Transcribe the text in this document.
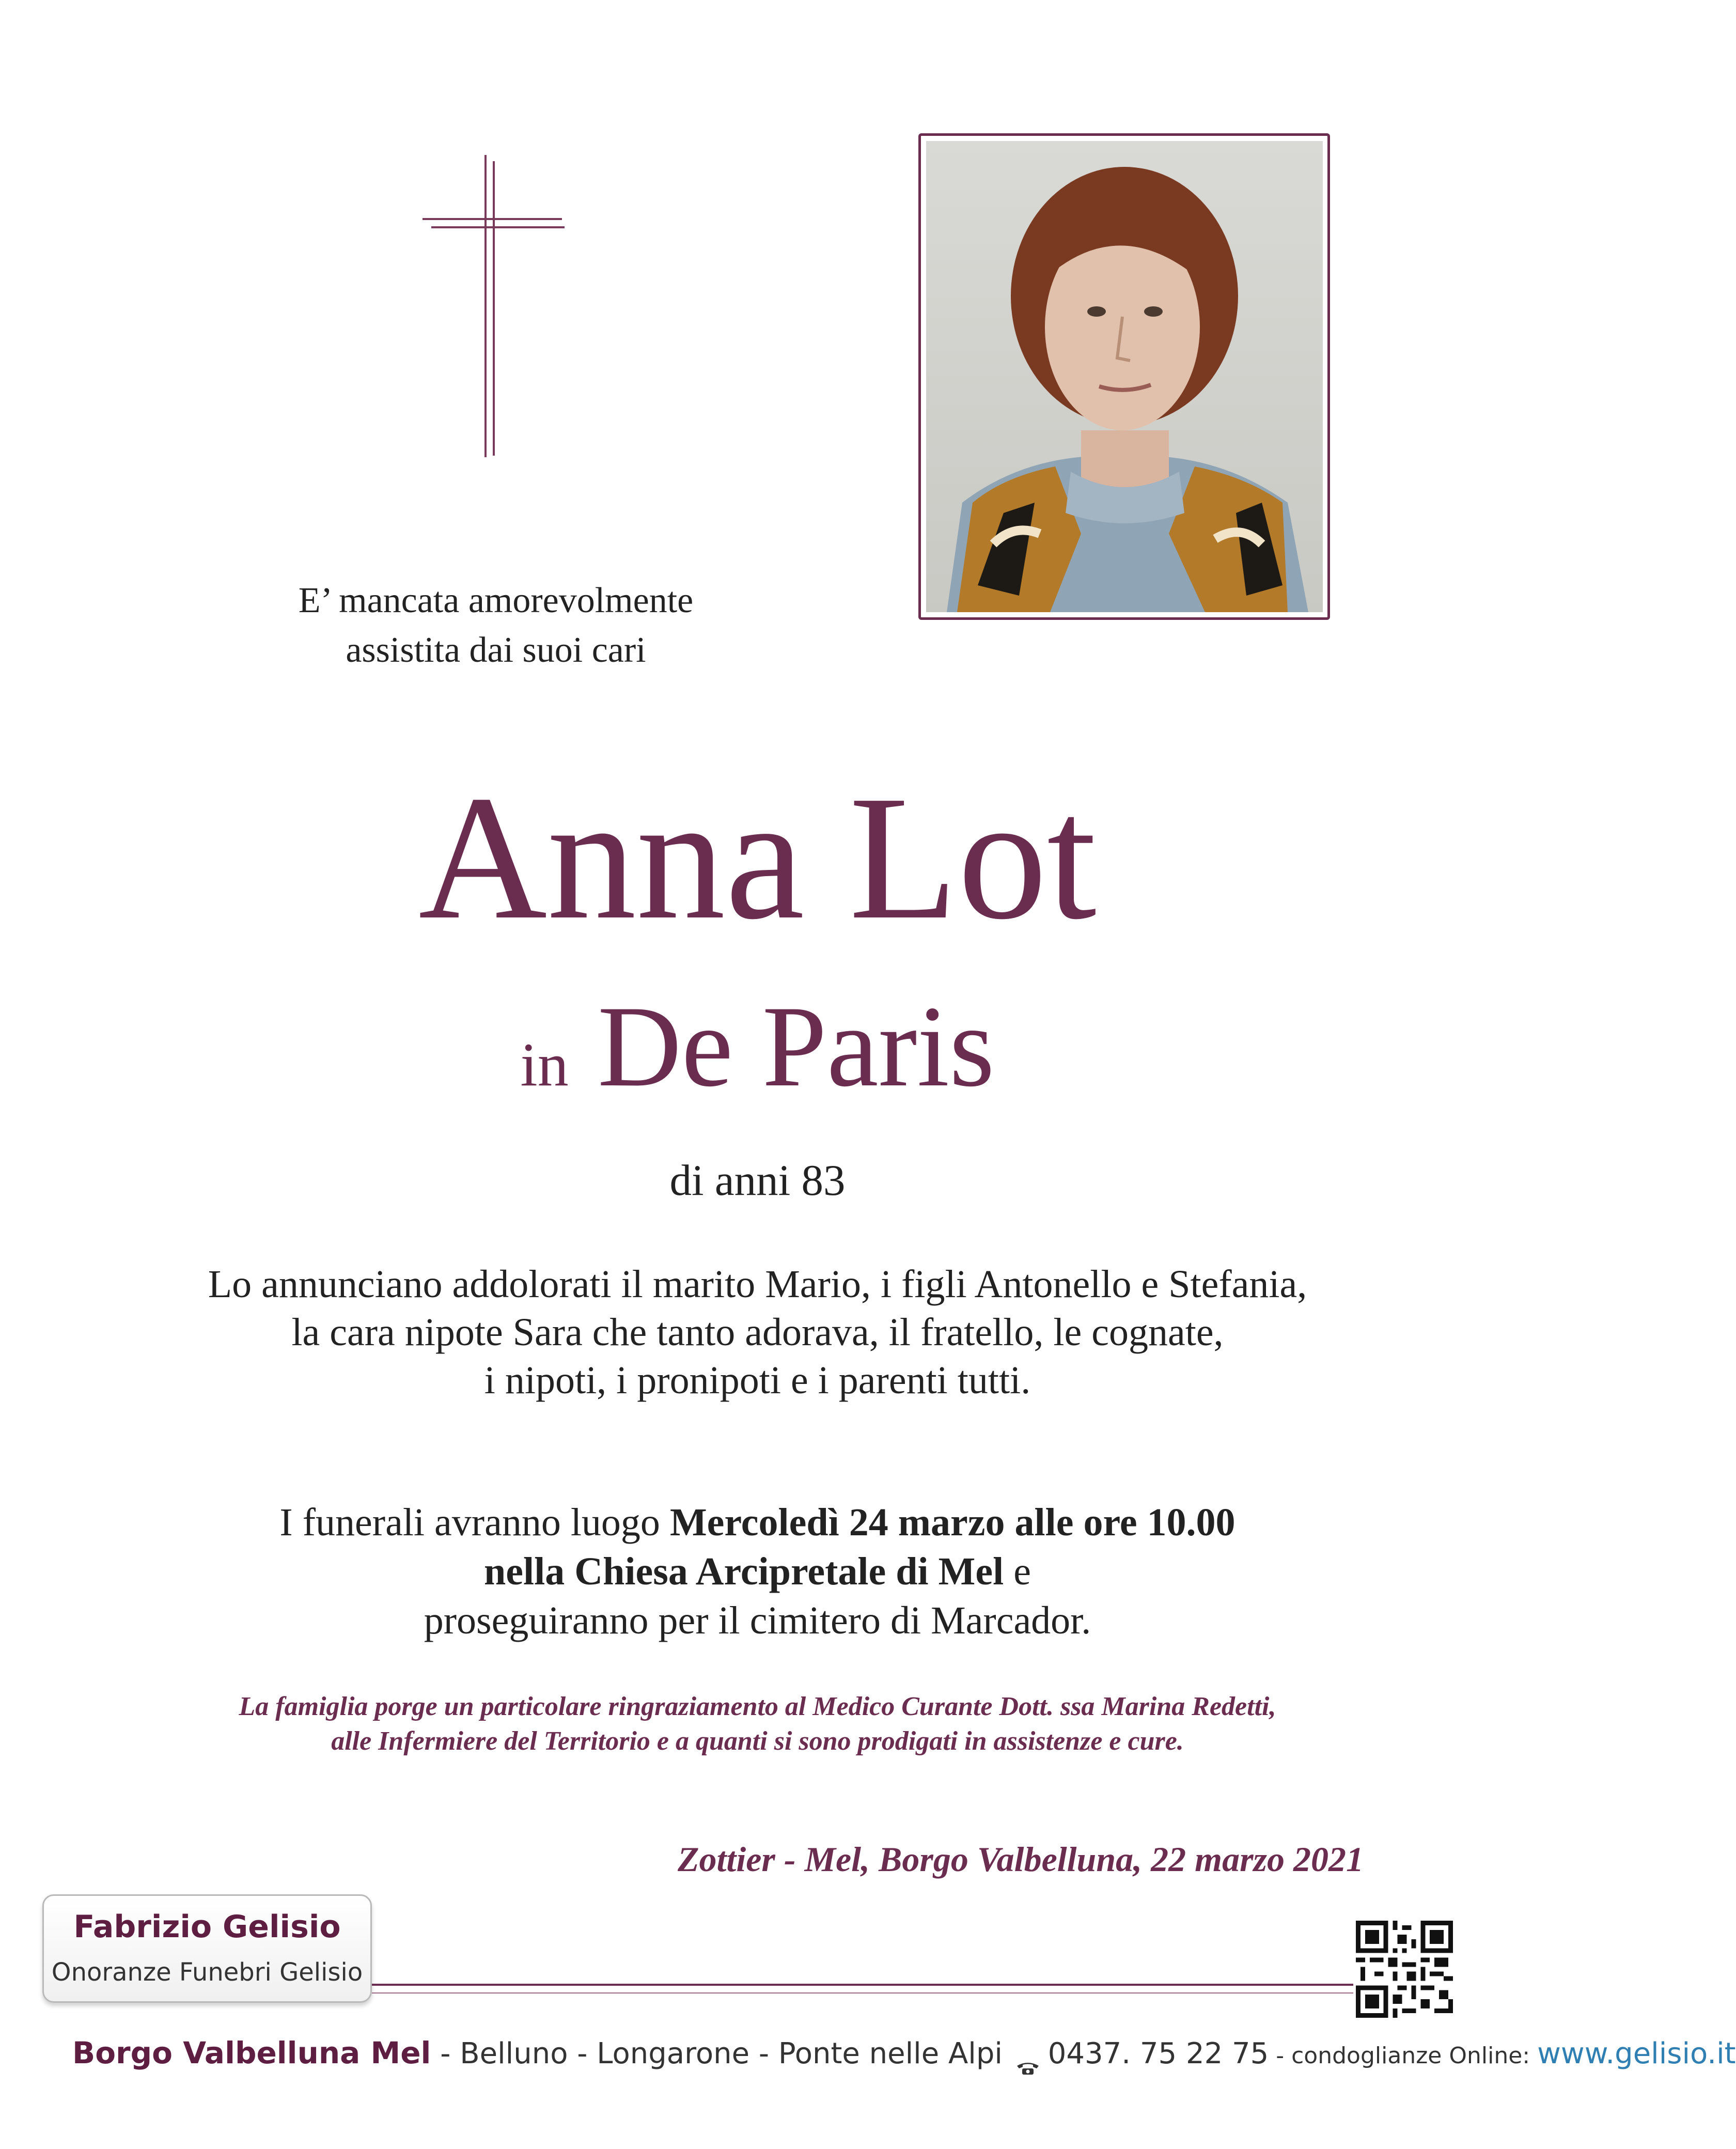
E’ mancata amorevolmente
assistita dai suoi cari
Anna Lot
in De Paris
di anni 83
Lo annunciano addolorati il marito Mario, i figli Antonello e Stefania,
la cara nipote Sara che tanto adorava, il fratello, le cognate,
i nipoti, i pronipoti e i parenti tutti.
I funerali avranno luogo Mercoledì 24 marzo alle ore 10.00
nella Chiesa Arcipretale di Mel e
proseguiranno per il cimitero di Marcador.
La famiglia porge un particolare ringraziamento al Medico Curante Dott. ssa Marina Redetti,
alle Infermiere del Territorio e a quanti si sono prodigati in assistenze e cure.
Zottier - Mel, Borgo Valbelluna, 22 marzo 2021
Fabrizio Gelisio
Onoranze Funebri Gelisio
Borgo Valbelluna Mel - Belluno - Longarone - Ponte nelle Alpi 0437. 75 22 75 - condoglianze Online: www.gelisio.it
